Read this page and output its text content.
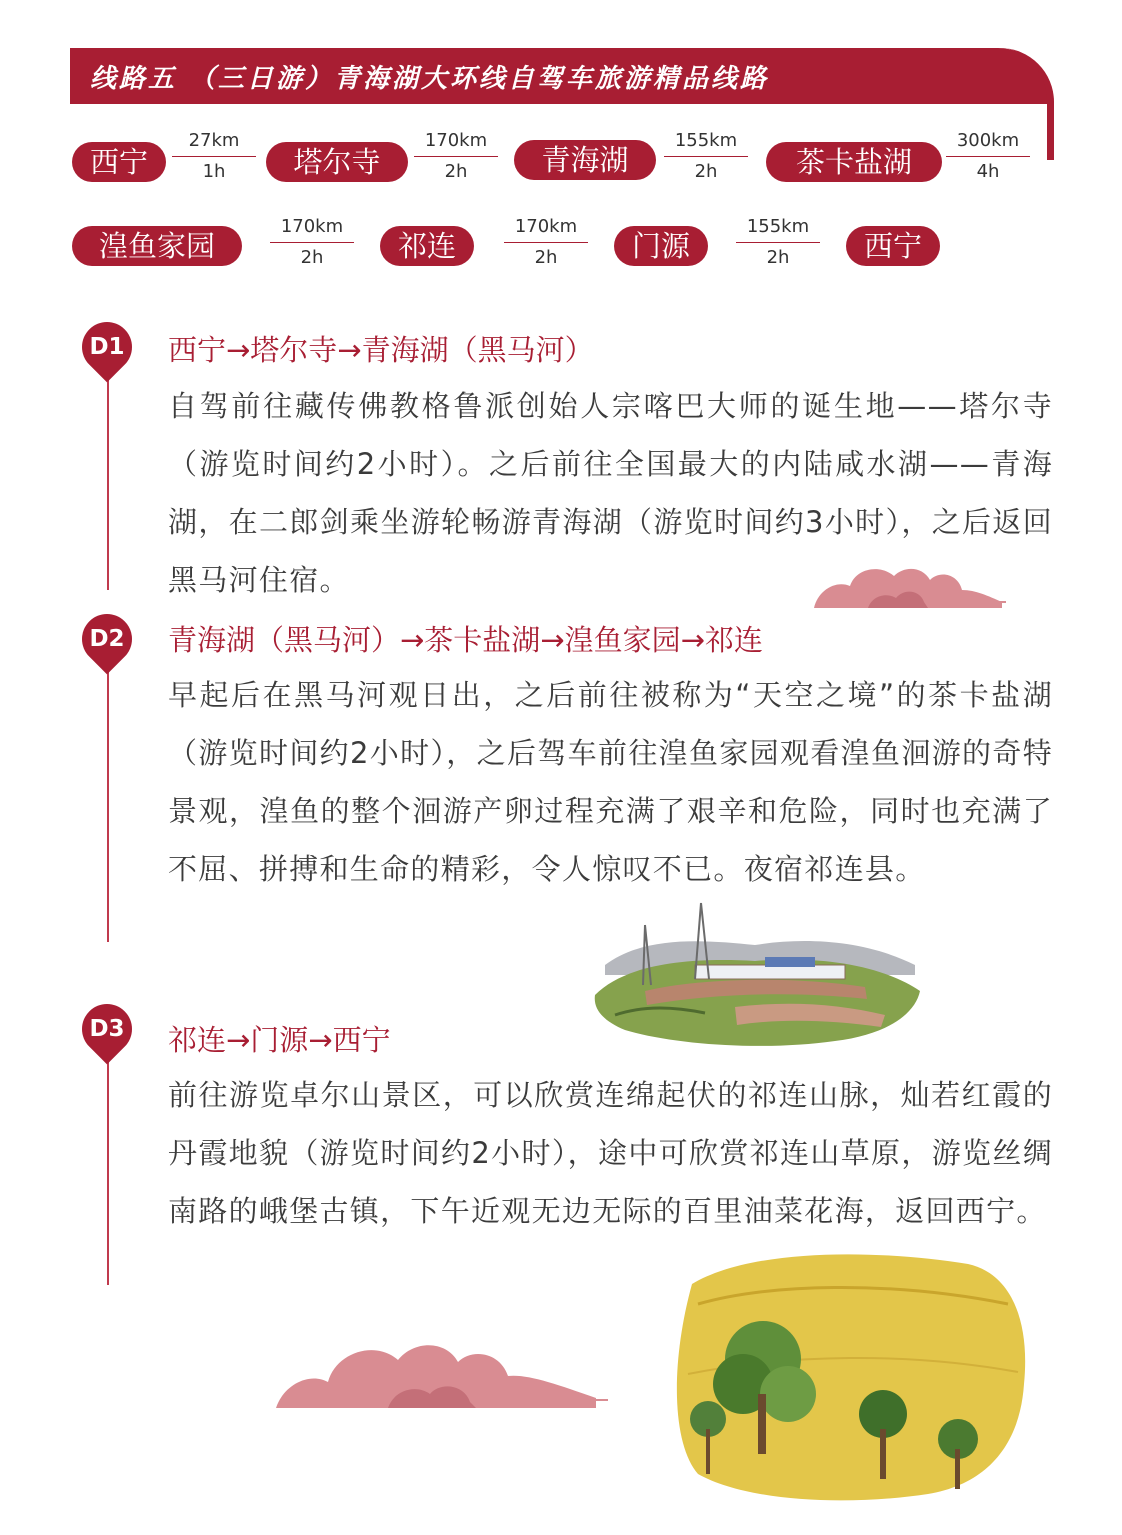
线路五 （三日游）青海湖大环线自驾车旅游精品线路
西宁
27km
1h	塔尔寺
170km
2h	青海湖
155km
2h	茶卡盐湖
300km
4h
湟鱼家园
170km
2h	祁连
170km
2h	门源
155km
2h	西宁
D1 西宁→塔尔寺→青海湖（黑马河）
自驾前往藏传佛教格鲁派创始人宗喀巴大师的诞生地——塔尔寺（游览时间约2小时）。之后前往全国最大的内陆咸水湖——青海湖，在二郎剑乘坐游轮畅游青海湖（游览时间约3小时），之后返回黑马河住宿。
D2 青海湖（黑马河）→茶卡盐湖→湟鱼家园→祁连
早起后在黑马河观日出，之后前往被称为“天空之境”的茶卡盐湖（游览时间约2小时），之后驾车前往湟鱼家园观看湟鱼洄游的奇特景观，湟鱼的整个洄游产卵过程充满了艰辛和危险，同时也充满了不屈、拼搏和生命的精彩，令人惊叹不已。夜宿祁连县。
D3 祁连→门源→西宁
前往游览卓尔山景区，可以欣赏连绵起伏的祁连山脉，灿若红霞的丹霞地貌（游览时间约2小时），途中可欣赏祁连山草原，游览丝绸南路的峨堡古镇，下午近观无边无际的百里油菜花海，返回西宁。
